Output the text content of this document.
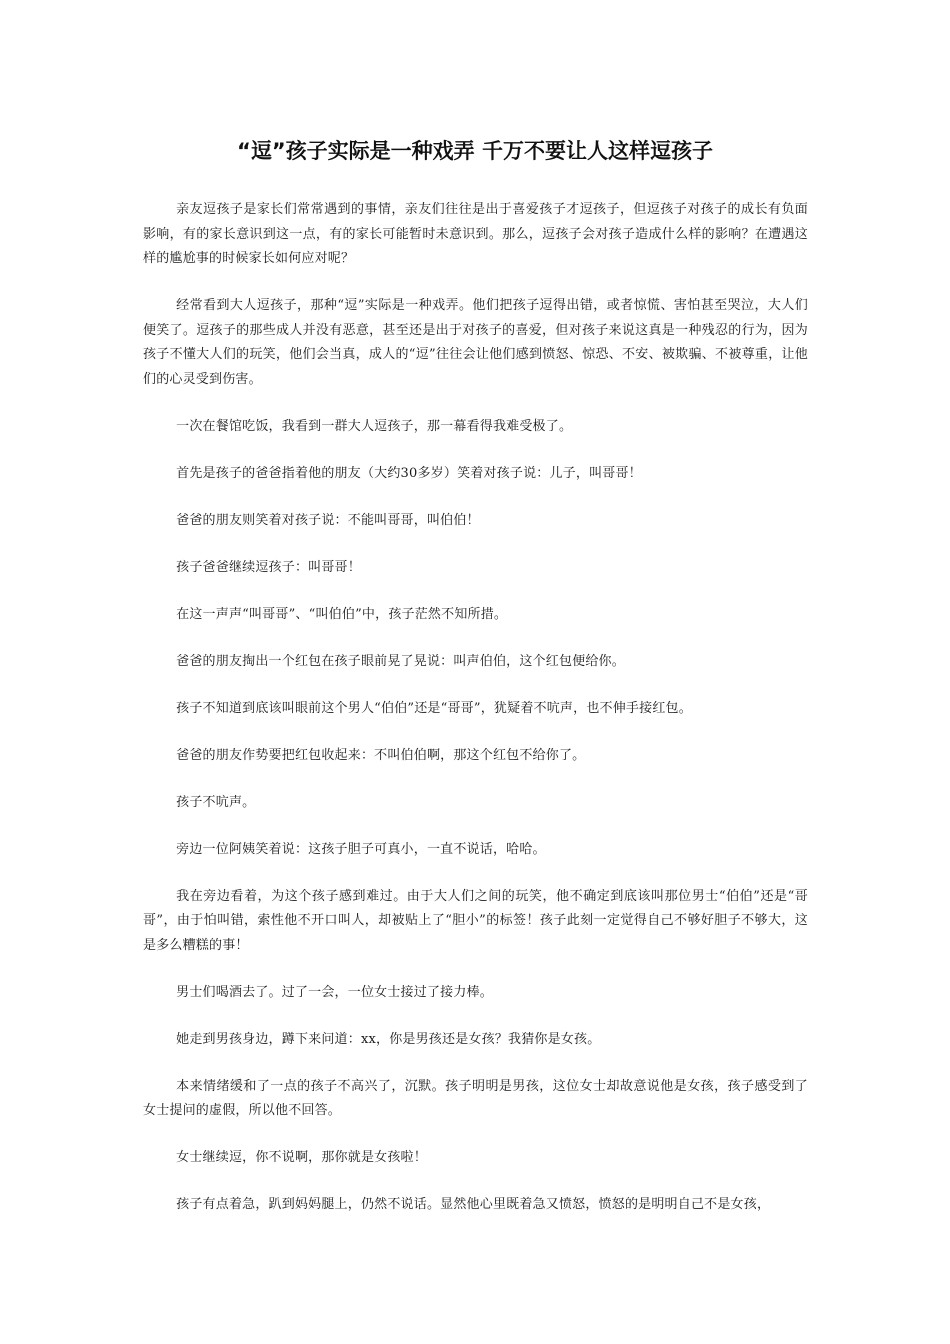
“逗”孩子实际是一种戏弄 千万不要让人这样逗孩子

亲友逗孩子是家长们常常遇到的事情，亲友们往往是出于喜爱孩子才逗孩子，但逗孩子对孩子的成长有负面影响，有的家长意识到这一点，有的家长可能暂时未意识到。那么，逗孩子会对孩子造成什么样的影响？在遭遇这样的尴尬事的时候家长如何应对呢？

经常看到大人逗孩子，那种“逗”实际是一种戏弄。他们把孩子逗得出错，或者惊慌、害怕甚至哭泣，大人们便笑了。逗孩子的那些成人并没有恶意，甚至还是出于对孩子的喜爱，但对孩子来说这真是一种残忍的行为，因为孩子不懂大人们的玩笑，他们会当真，成人的“逗”往往会让他们感到愤怒、惊恐、不安、被欺骗、不被尊重，让他们的心灵受到伤害。

一次在餐馆吃饭，我看到一群大人逗孩子，那一幕看得我难受极了。

首先是孩子的爸爸指着他的朋友（大约30多岁）笑着对孩子说：儿子，叫哥哥！

爸爸的朋友则笑着对孩子说：不能叫哥哥，叫伯伯！

孩子爸爸继续逗孩子：叫哥哥！

在这一声声“叫哥哥”、“叫伯伯”中，孩子茫然不知所措。

爸爸的朋友掏出一个红包在孩子眼前晃了晃说：叫声伯伯，这个红包便给你。

孩子不知道到底该叫眼前这个男人“伯伯”还是“哥哥”，犹疑着不吭声，也不伸手接红包。

爸爸的朋友作势要把红包收起来：不叫伯伯啊，那这个红包不给你了。

孩子不吭声。

旁边一位阿姨笑着说：这孩子胆子可真小，一直不说话，哈哈。

我在旁边看着，为这个孩子感到难过。由于大人们之间的玩笑，他不确定到底该叫那位男士“伯伯”还是“哥哥”，由于怕叫错，索性他不开口叫人，却被贴上了“胆小”的标签！孩子此刻一定觉得自己不够好胆子不够大，这是多么糟糕的事！

男士们喝酒去了。过了一会，一位女士接过了接力棒。

她走到男孩身边，蹲下来问道：xx，你是男孩还是女孩？我猜你是女孩。

本来情绪缓和了一点的孩子不高兴了，沉默。孩子明明是男孩，这位女士却故意说他是女孩，孩子感受到了女士提问的虚假，所以他不回答。

女士继续逗，你不说啊，那你就是女孩啦！

孩子有点着急，趴到妈妈腿上，仍然不说话。显然他心里既着急又愤怒，愤怒的是明明自己不是女孩，
